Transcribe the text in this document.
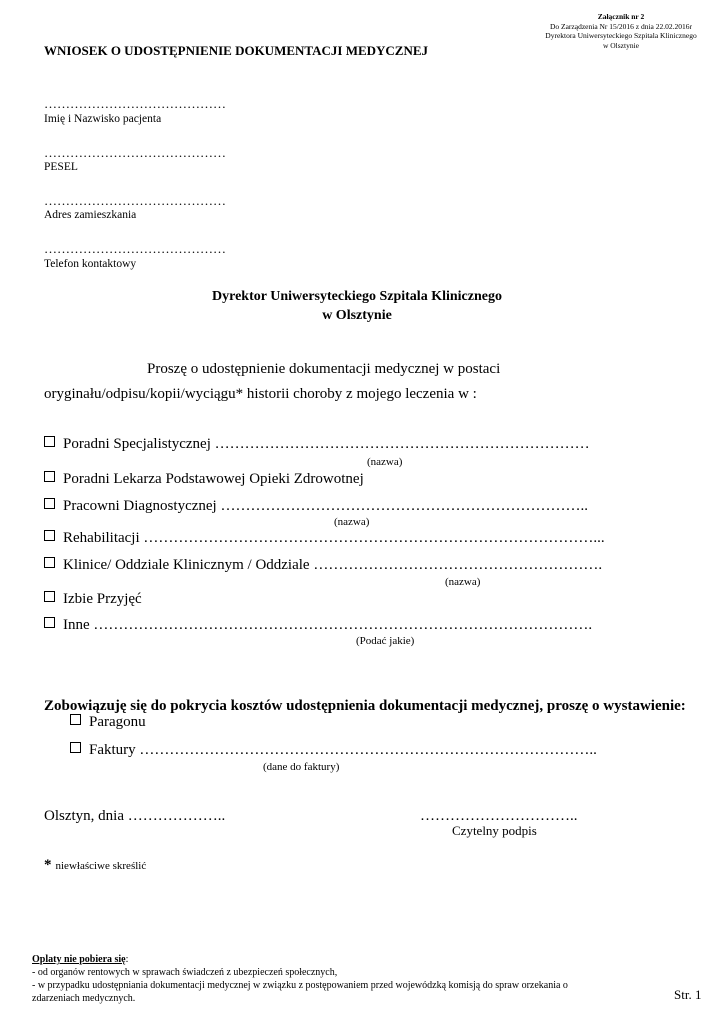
Załącznik nr 2
Do Zarządzenia Nr 15/2016 z dnia 22.02.2016r
Dyrektora Uniwersyteckiego Szpitala Klinicznego
w Olsztynie
WNIOSEK O UDOSTĘPNIENIE DOKUMENTACJI MEDYCZNEJ
……………………………………
Imię i Nazwisko pacjenta
……………………………………
PESEL
……………………………………
Adres zamieszkania
……………………………………
Telefon kontaktowy
Dyrektor Uniwersyteckiego Szpitala Klinicznego
w Olsztynie
Proszę o udostępnienie dokumentacji medycznej w postaci
oryginału/odpisu/kopii/wyciągu* historii choroby z mojego leczenia w :
Poradni Specjalistycznej …………………………………………………………………
(nazwa)
Poradni Lekarza Podstawowej Opieki Zdrowotnej
Pracowni Diagnostycznej ………………………………………………………………..
(nazwa)
Rehabilitacji ………………………………………………………………………………...
Klinice/ Oddziale Klinicznym / Oddziale ………………………………………………….
(nazwa)
Izbie Przyjęć
Inne ……………………………………………………………………………………….
(Podać jakie)
Zobowiązuję się do pokrycia kosztów udostępnienia dokumentacji medycznej, proszę o wystawienie:
Paragonu
Faktury ………………………………………………………………………………..
(dane do faktury)
Olsztyn, dnia ………………..	…………………………..
Czytelny podpis
* niewłaściwe skreślić
Oplaty nie pobiera się:
- od organów rentowych w sprawach świadczeń z ubezpieczeń społecznych,
- w przypadku udostępniania dokumentacji medycznej w związku z postępowaniem przed wojewódzką komisją do spraw orzekania o
zdarzeniach medycznych.	Str. 1
